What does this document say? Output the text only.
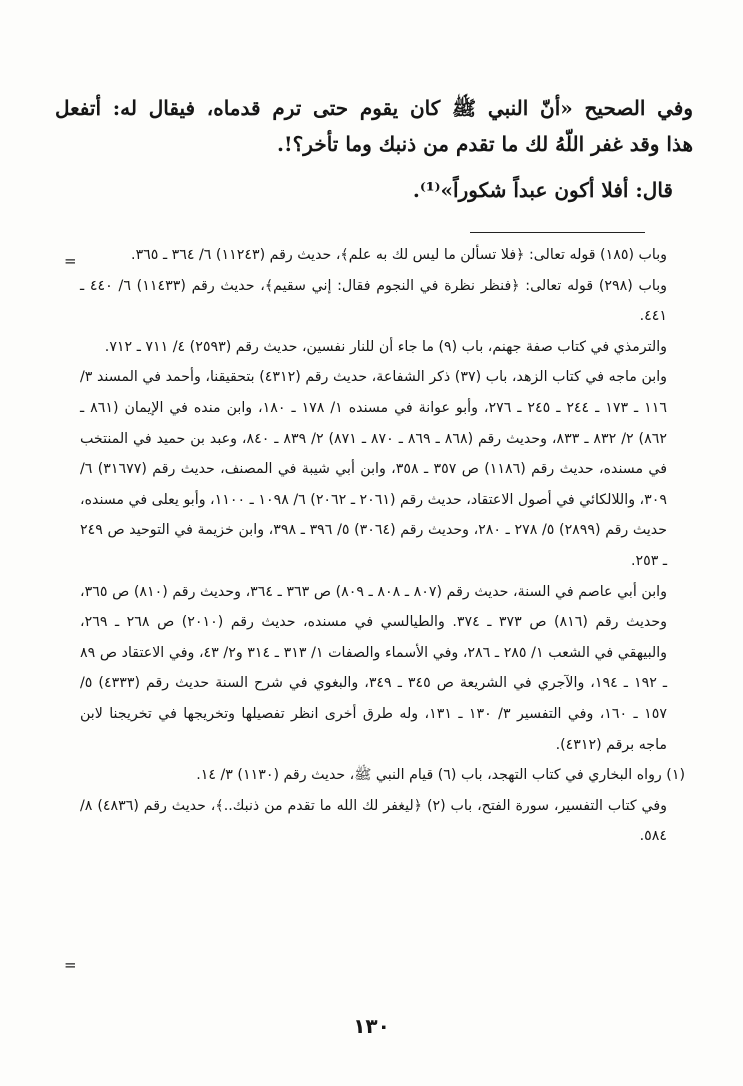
وفي الصحيح «أنّ النبي ﷺ كان يقوم حتى ترم قدماه، فيقال له: أتفعل

هذا وقد غفر اللّهُ لك ما تقدم من ذنبك وما تأخر؟!.

قال: أفلا أكون عبداً شكوراً»⁽¹⁾.

=	وباب (١٨٥) قوله تعالى: ﴿فلا تسألن ما ليس لك به علم﴾، حديث رقم (١١٢٤٣) ٦/ ٣٦٤ ـ ٣٦٥.

وباب (٢٩٨) قوله تعالى: ﴿فنظر نظرة في النجوم فقال: إني سقيم﴾، حديث رقم (١١٤٣٣) ٦/ ٤٤٠ ـ ٤٤١.

والترمذي في كتاب صفة جهنم، باب (٩) ما جاء أن للنار نفسين، حديث رقم (٢٥٩٣) ٤/ ٧١١ ـ ٧١٢.

وابن ماجه في كتاب الزهد، باب (٣٧) ذكر الشفاعة، حديث رقم (٤٣١٢) بتحقيقنا، وأحمد في المسند ٣/ ١١٦ ـ ١٧٣ ـ ٢٤٤ ـ ٢٤٥ ـ ٢٧٦، وأبو عوانة في مسنده ١/ ١٧٨ ـ ١٨٠، وابن منده في الإيمان (٨٦١ ـ ٨٦٢) ٢/ ٨٣٢ ـ ٨٣٣، وحديث رقم (٨٦٨ ـ ٨٦٩ ـ ٨٧٠ ـ ٨٧١) ٢/ ٨٣٩ ـ ٨٤٠، وعبد بن حميد في المنتخب في مسنده، حديث رقم (١١٨٦) ص ٣٥٧ ـ ٣٥٨، وابن أبي شيبة في المصنف، حديث رقم (٣١٦٧٧) ٦/ ٣٠٩، واللالكائي في أصول الاعتقاد، حديث رقم (٢٠٦١ ـ ٢٠٦٢) ٦/ ١٠٩٨ ـ ١١٠٠، وأبو يعلى في مسنده، حديث رقم (٢٨٩٩) ٥/ ٢٧٨ ـ ٢٨٠، وحديث رقم (٣٠٦٤) ٥/ ٣٩٦ ـ ٣٩٨، وابن خزيمة في التوحيد ص ٢٤٩ ـ ٢٥٣.

وابن أبي عاصم في السنة، حديث رقم (٨٠٧ ـ ٨٠٨ ـ ٨٠٩) ص ٣٦٣ ـ ٣٦٤، وحديث رقم (٨١٠) ص ٣٦٥، وحديث رقم (٨١٦) ص ٣٧٣ ـ ٣٧٤. والطيالسي في مسنده، حديث رقم (٢٠١٠) ص ٢٦٨ ـ ٢٦٩، والبيهقي في الشعب ١/ ٢٨٥ ـ ٢٨٦، وفي الأسماء والصفات ١/ ٣١٣ ـ ٣١٤ و٢/ ٤٣، وفي الاعتقاد ص ٨٩ ـ ١٩٢ ـ ١٩٤، والآجري في الشريعة ص ٣٤٥ ـ ٣٤٩، والبغوي في شرح السنة حديث رقم (٤٣٣٣) ٥/ ١٥٧ ـ ١٦٠، وفي التفسير ٣/ ١٣٠ ـ ١٣١، وله طرق أخرى انظر تفصيلها وتخريجها في تخريجنا لابن ماجه برقم (٤٣١٢).

(١) رواه البخاري في كتاب التهجد، باب (٦) قيام النبي ﷺ، حديث رقم (١١٣٠) ٣/ ١٤.

وفي كتاب التفسير، سورة الفتح، باب (٢) ﴿ليغفر لك الله ما تقدم من ذنبك..﴾، حديث رقم (٤٨٣٦) ٨/ ٥٨٤.

=
١٣٠
